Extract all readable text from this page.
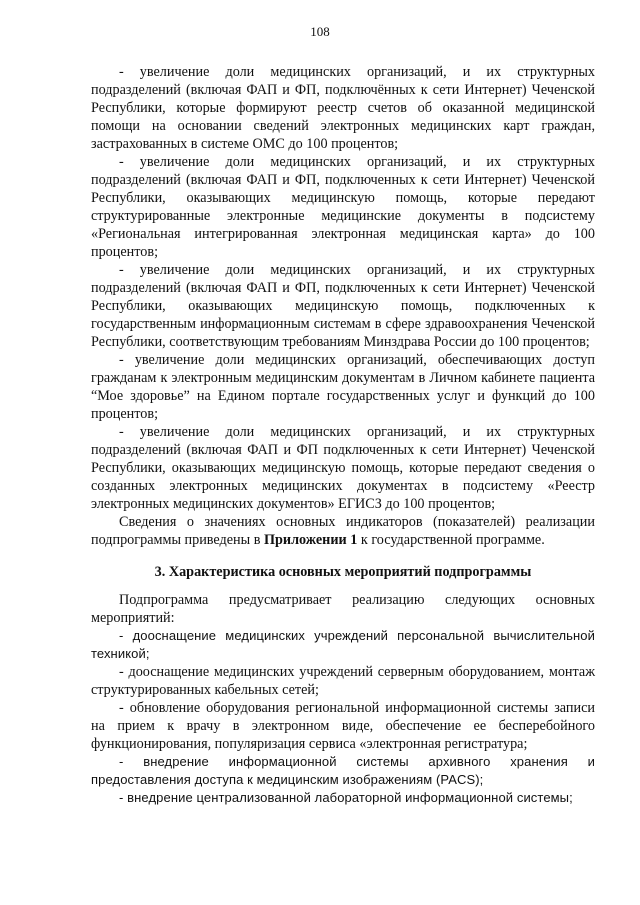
108

- увеличение доли медицинских организаций, и их структурных подразделений (включая ФАП и ФП, подключённых к сети Интернет) Чеченской Республики, которые формируют реестр счетов об оказанной медицинской помощи на основании сведений электронных медицинских карт граждан, застрахованных в системе ОМС до 100 процентов;

- увеличение доли медицинских организаций, и их структурных подразделений (включая ФАП и ФП, подключенных к сети Интернет) Чеченской Республики, оказывающих медицинскую помощь, которые передают структурированные электронные медицинские документы в подсистему «Региональная интегрированная электронная медицинская карта» до 100 процентов;

- увеличение доли медицинских организаций, и их структурных подразделений (включая ФАП и ФП, подключенных к сети Интернет) Чеченской Республики, оказывающих медицинскую помощь, подключенных к государственным информационным системам в сфере здравоохранения Чеченской Республики, соответствующим требованиям Минздрава России до 100 процентов;

- увеличение доли медицинских организаций, обеспечивающих доступ гражданам к электронным медицинским документам в Личном кабинете пациента “Мое здоровье” на Едином портале государственных услуг и функций до 100 процентов;

- увеличение доли медицинских организаций, и их структурных подразделений (включая ФАП и ФП подключенных к сети Интернет) Чеченской Республики, оказывающих медицинскую помощь, которые передают сведения о созданных электронных медицинских документах в подсистему «Реестр электронных медицинских документов» ЕГИСЗ до 100 процентов;

Сведения о значениях основных индикаторов (показателей) реализации подпрограммы приведены в Приложении 1 к государственной программе.

3. Характеристика основных мероприятий подпрограммы

Подпрограмма предусматривает реализацию следующих основных мероприятий:

- дооснащение медицинских учреждений персональной вычислительной техникой;

- дооснащение медицинских учреждений серверным оборудованием, монтаж структурированных кабельных сетей;

- обновление оборудования региональной информационной системы записи на прием к врачу в электронном виде, обеспечение ее бесперебойного функционирования, популяризация сервиса «электронная регистратура;

- внедрение информационной системы архивного хранения и предоставления доступа к медицинским изображениям (PACS);

- внедрение централизованной лабораторной информационной системы;
